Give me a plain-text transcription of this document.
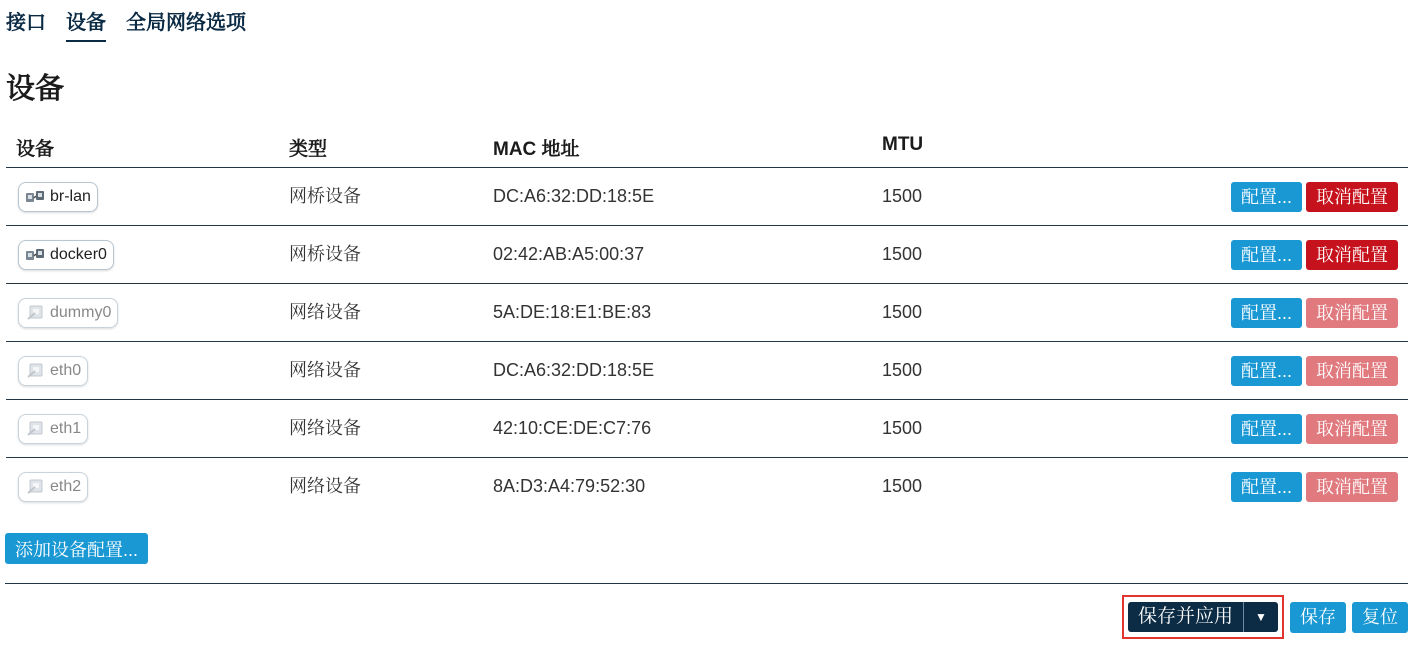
接口 设备 全局网络选项
设备
设备	类型	MAC 地址	MTU
br-lan	网桥设备	DC:A6:32:DD:18:5E	1500	配置...	取消配置
docker0	网桥设备	02:42:AB:A5:00:37	1500	配置...	取消配置
dummy0	网络设备	5A:DE:18:E1:BE:83	1500	配置...	取消配置
eth0	网络设备	DC:A6:32:DD:18:5E	1500	配置...	取消配置
eth1	网络设备	42:10:CE:DE:C7:76	1500	配置...	取消配置
eth2	网络设备	8A:D3:A4:79:52:30	1500	配置...	取消配置
添加设备配置...
保存并应用	▼	保存	复位
